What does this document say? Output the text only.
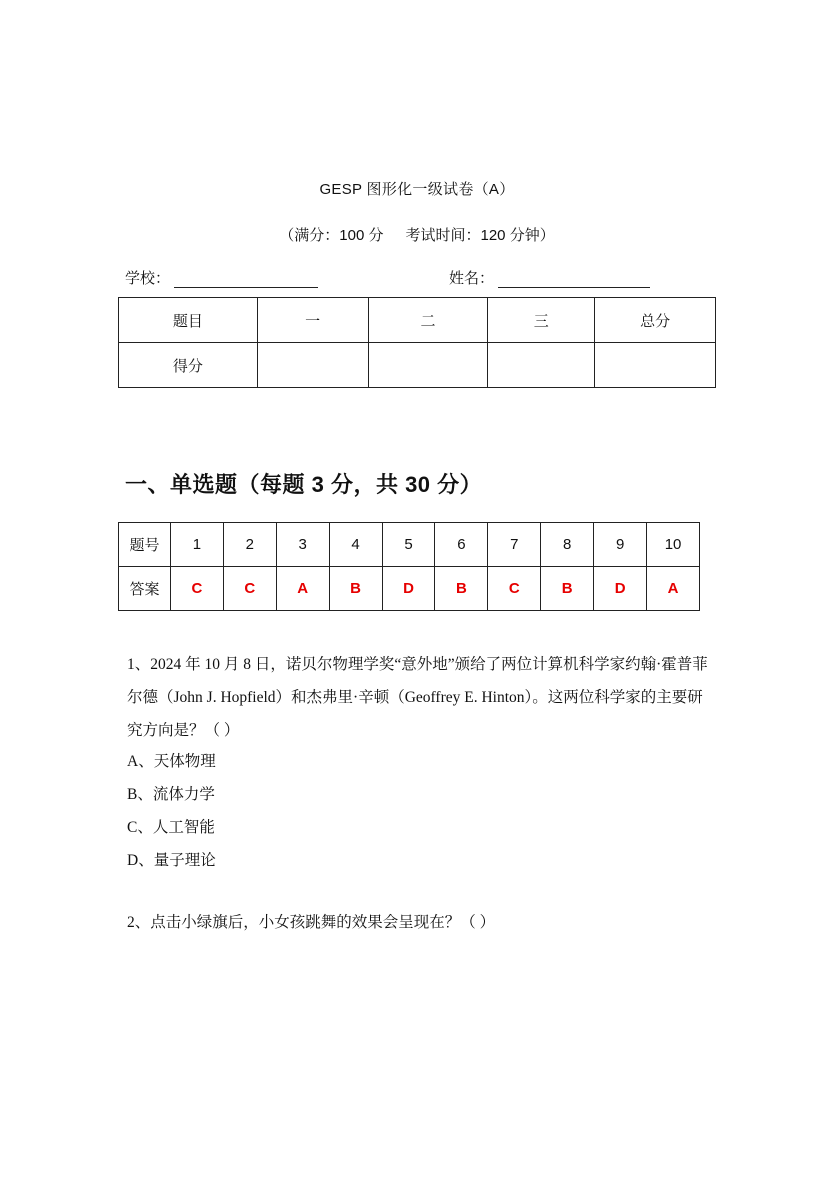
GESP 图形化一级试卷（A）
（满分：100 分 考试时间：120 分钟）
学校：	姓名：
题目	一	二	三	总分
得分				
一、单选题（每题 3 分，共 30 分）
题号	1	2	3	4	5	6	7	8	9	10
答案	C	C	A	B	D	B	C	B	D	A
1、2024 年 10 月 8 日，诺贝尔物理学奖“意外地”颁给了两位计算机科学家约翰·霍普菲尔德（John J. Hopfield）和杰弗里·辛顿（Geoffrey E. Hinton）。这两位科学家的主要研究方向是？（ ）
A、天体物理
B、流体力学
C、人工智能
D、量子理论
2、点击小绿旗后，小女孩跳舞的效果会呈现在？（ ）
